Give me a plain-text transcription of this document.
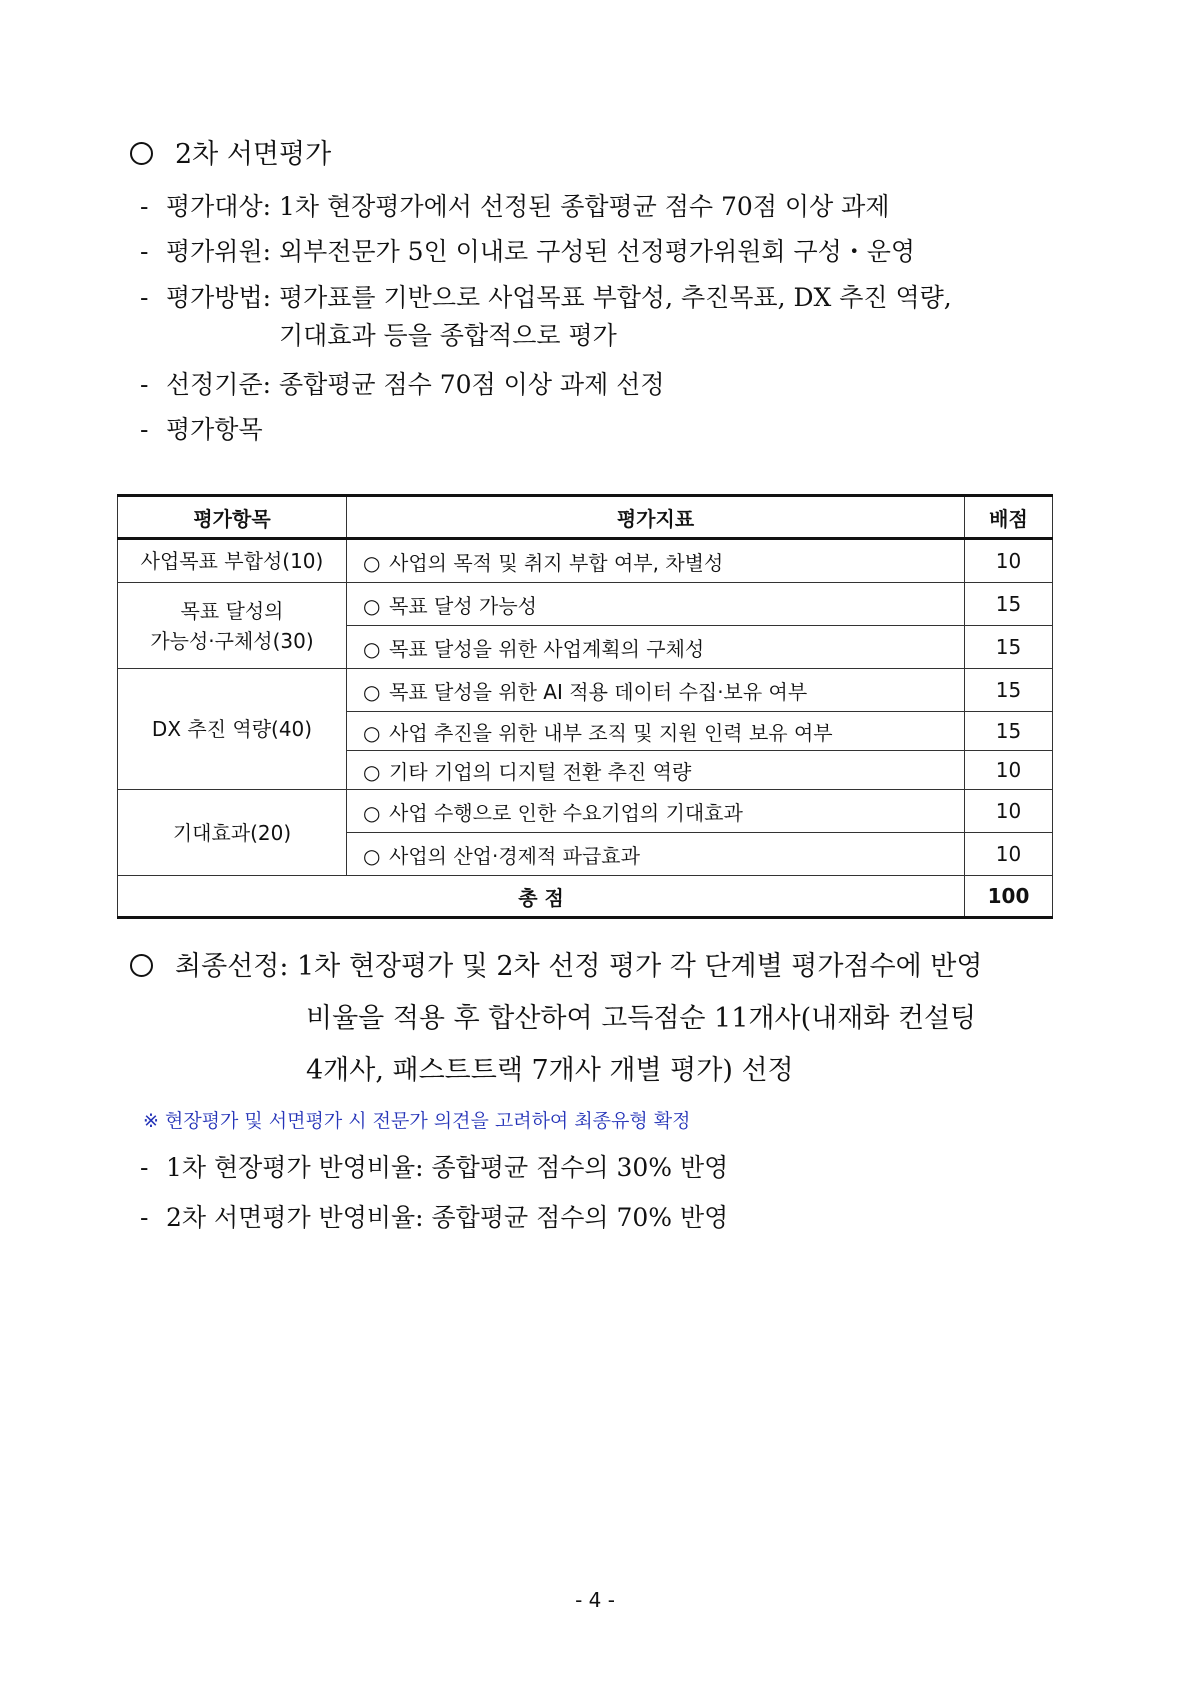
2차 서면평가
- 평가대상: 1차 현장평가에서 선정된 종합평균 점수 70점 이상 과제
- 평가위원: 외부전문가 5인 이내로 구성된 선정평가위원회 구성・운영
- 평가방법: 평가표를 기반으로 사업목표 부합성, 추진목표, DX 추진 역량,
기대효과 등을 종합적으로 평가
- 선정기준: 종합평균 점수 70점 이상 과제 선정
- 평가항목
평가항목	평가지표	배점
사업목표 부합성(10)	○ 사업의 목적 및 취지 부합 여부, 차별성	10
목표 달성의
가능성·구체성(30)	○ 목표 달성 가능성	15
	○ 목표 달성을 위한 사업계획의 구체성	15
DX 추진 역량(40)	○ 목표 달성을 위한 AI 적용 데이터 수집·보유 여부	15
	○ 사업 추진을 위한 내부 조직 및 지원 인력 보유 여부	15
	○ 기타 기업의 디지털 전환 추진 역량	10
기대효과(20)	○ 사업 수행으로 인한 수요기업의 기대효과	10
	○ 사업의 산업·경제적 파급효과	10
총 점		100
최종선정: 1차 현장평가 및 2차 선정 평가 각 단계별 평가점수에 반영
비율을 적용 후 합산하여 고득점순 11개사(내재화 컨설팅
4개사, 패스트트랙 7개사 개별 평가) 선정
※ 현장평가 및 서면평가 시 전문가 의견을 고려하여 최종유형 확정
- 1차 현장평가 반영비율: 종합평균 점수의 30% 반영
- 2차 서면평가 반영비율: 종합평균 점수의 70% 반영
- 4 -
